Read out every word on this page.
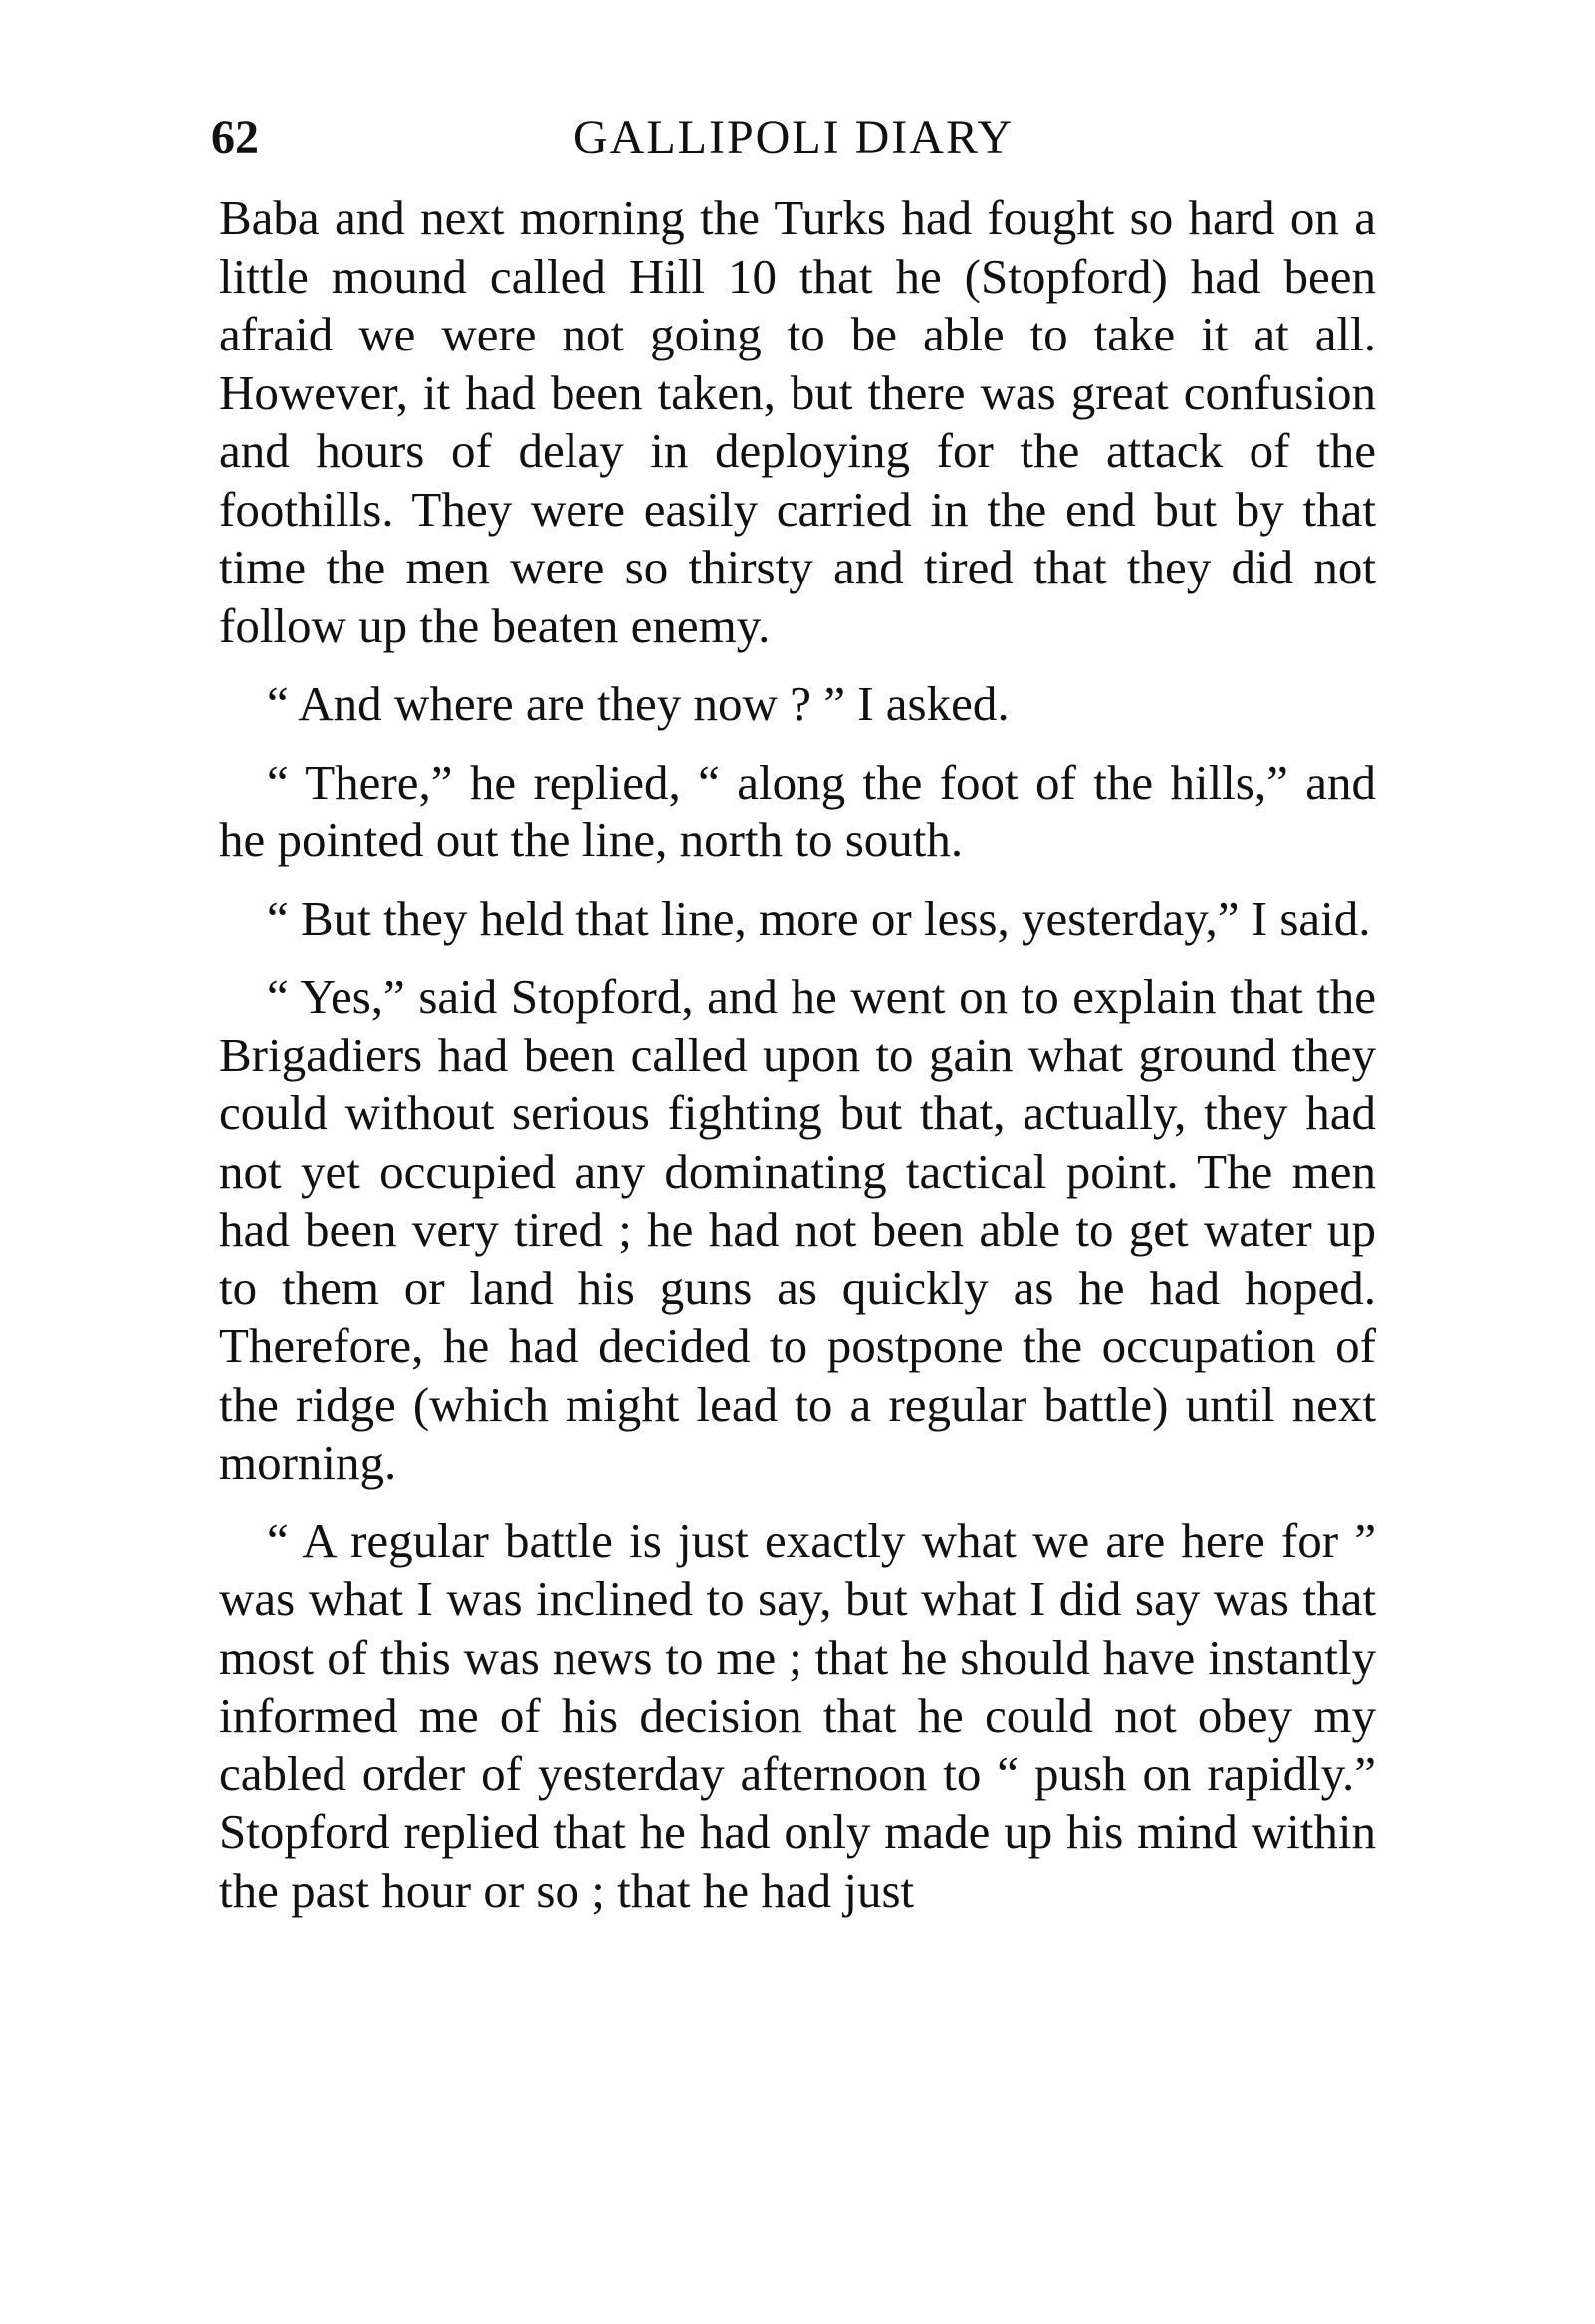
62	GALLIPOLI DIARY

Baba and next morning the Turks had fought so hard on a little mound called Hill 10 that he (Stopford) had been afraid we were not going to be able to take it at all. However, it had been taken, but there was great confusion and hours of delay in deploying for the attack of the foothills. They were easily carried in the end but by that time the men were so thirsty and tired that they did not follow up the beaten enemy.

“ And where are they now ? ” I asked.

“ There,” he replied, “ along the foot of the hills,” and he pointed out the line, north to south.

“ But they held that line, more or less, yesterday,” I said.

“ Yes,” said Stopford, and he went on to explain that the Brigadiers had been called upon to gain what ground they could without serious fighting but that, actually, they had not yet occupied any dominating tactical point. The men had been very tired ; he had not been able to get water up to them or land his guns as quickly as he had hoped. Therefore, he had decided to postpone the occupation of the ridge (which might lead to a regular battle) until next morning.

“ A regular battle is just exactly what we are here for ” was what I was inclined to say, but what I did say was that most of this was news to me ; that he should have instantly informed me of his decision that he could not obey my cabled order of yesterday afternoon to “ push on rapidly.” Stopford replied that he had only made up his mind within the past hour or so ; that he had just
